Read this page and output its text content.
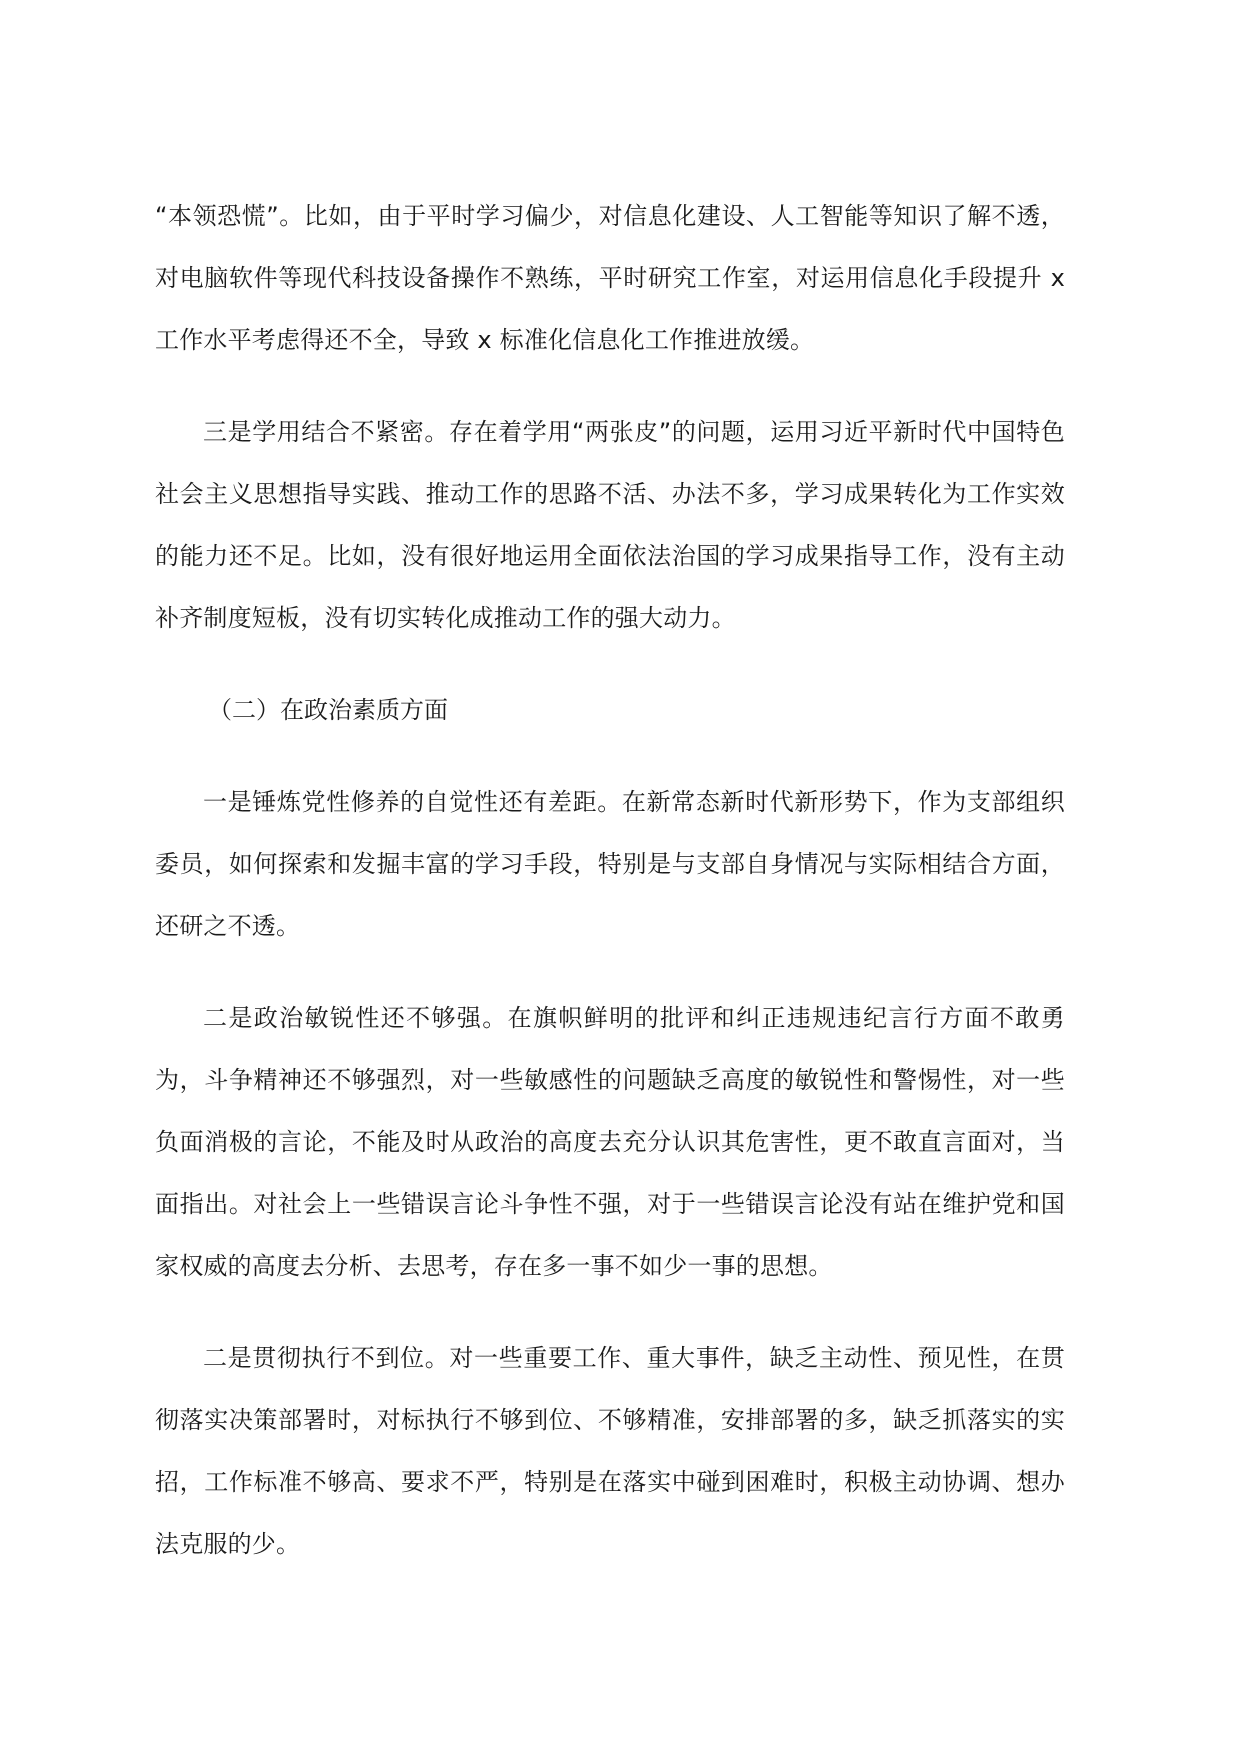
“本领恐慌”。比如，由于平时学习偏少，对信息化建设、人工智能等知识了解不透，对电脑软件等现代科技设备操作不熟练，平时研究工作室，对运用信息化手段提升 x 工作水平考虑得还不全，导致 x 标准化信息化工作推进放缓。

三是学用结合不紧密。存在着学用“两张皮”的问题，运用习近平新时代中国特色社会主义思想指导实践、推动工作的思路不活、办法不多，学习成果转化为工作实效的能力还不足。比如，没有很好地运用全面依法治国的学习成果指导工作，没有主动补齐制度短板，没有切实转化成推动工作的强大动力。

（二）在政治素质方面

一是锤炼党性修养的自觉性还有差距。在新常态新时代新形势下，作为支部组织委员，如何探索和发掘丰富的学习手段，特别是与支部自身情况与实际相结合方面，还研之不透。

二是政治敏锐性还不够强。在旗帜鲜明的批评和纠正违规违纪言行方面不敢勇为，斗争精神还不够强烈，对一些敏感性的问题缺乏高度的敏锐性和警惕性，对一些负面消极的言论，不能及时从政治的高度去充分认识其危害性，更不敢直言面对，当面指出。对社会上一些错误言论斗争性不强，对于一些错误言论没有站在维护党和国家权威的高度去分析、去思考，存在多一事不如少一事的思想。

二是贯彻执行不到位。对一些重要工作、重大事件，缺乏主动性、预见性，在贯彻落实决策部署时，对标执行不够到位、不够精准，安排部署的多，缺乏抓落实的实招，工作标准不够高、要求不严，特别是在落实中碰到困难时，积极主动协调、想办法克服的少。
